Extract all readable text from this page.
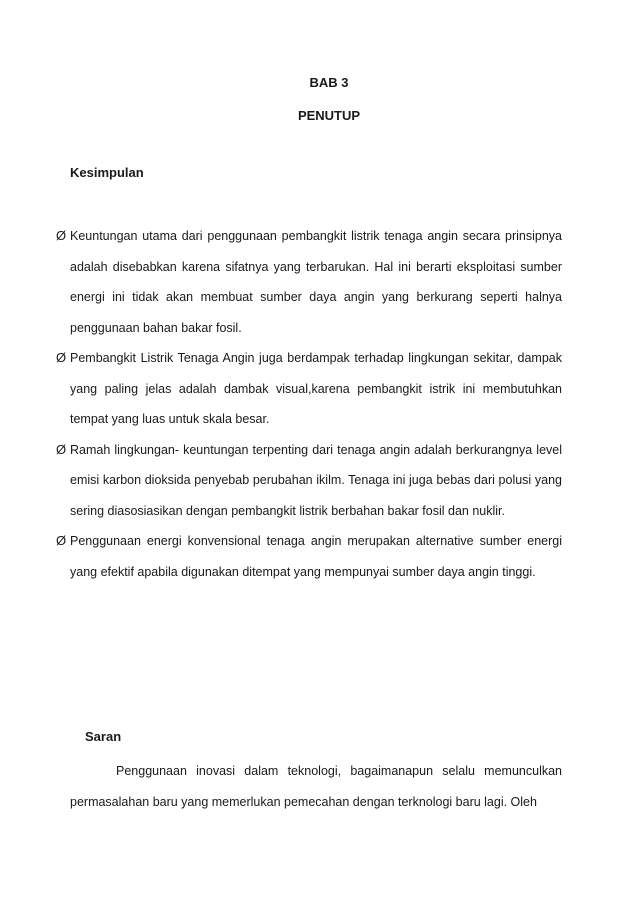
BAB 3
PENUTUP
Kesimpulan
Ø Keuntungan utama dari penggunaan pembangkit listrik tenaga angin secara prinsipnya adalah disebabkan karena sifatnya yang terbarukan. Hal ini berarti eksploitasi sumber energi ini tidak akan membuat sumber daya angin yang berkurang seperti halnya penggunaan bahan bakar fosil.
Ø Pembangkit Listrik Tenaga Angin juga berdampak terhadap lingkungan sekitar, dampak yang paling jelas adalah dambak visual,karena pembangkit istrik ini membutuhkan tempat yang luas untuk skala besar.
Ø Ramah lingkungan- keuntungan terpenting dari tenaga angin adalah berkurangnya level emisi karbon dioksida penyebab perubahan ikilm. Tenaga ini juga bebas dari polusi yang sering diasosiasikan dengan pembangkit listrik berbahan bakar fosil dan nuklir.
Ø Penggunaan energi konvensional tenaga angin merupakan alternative sumber energi yang efektif apabila digunakan ditempat yang mempunyai sumber daya angin tinggi.
Saran

Penggunaan inovasi dalam teknologi, bagaimanapun selalu memunculkan permasalahan baru yang memerlukan pemecahan dengan terknologi baru lagi. Oleh
